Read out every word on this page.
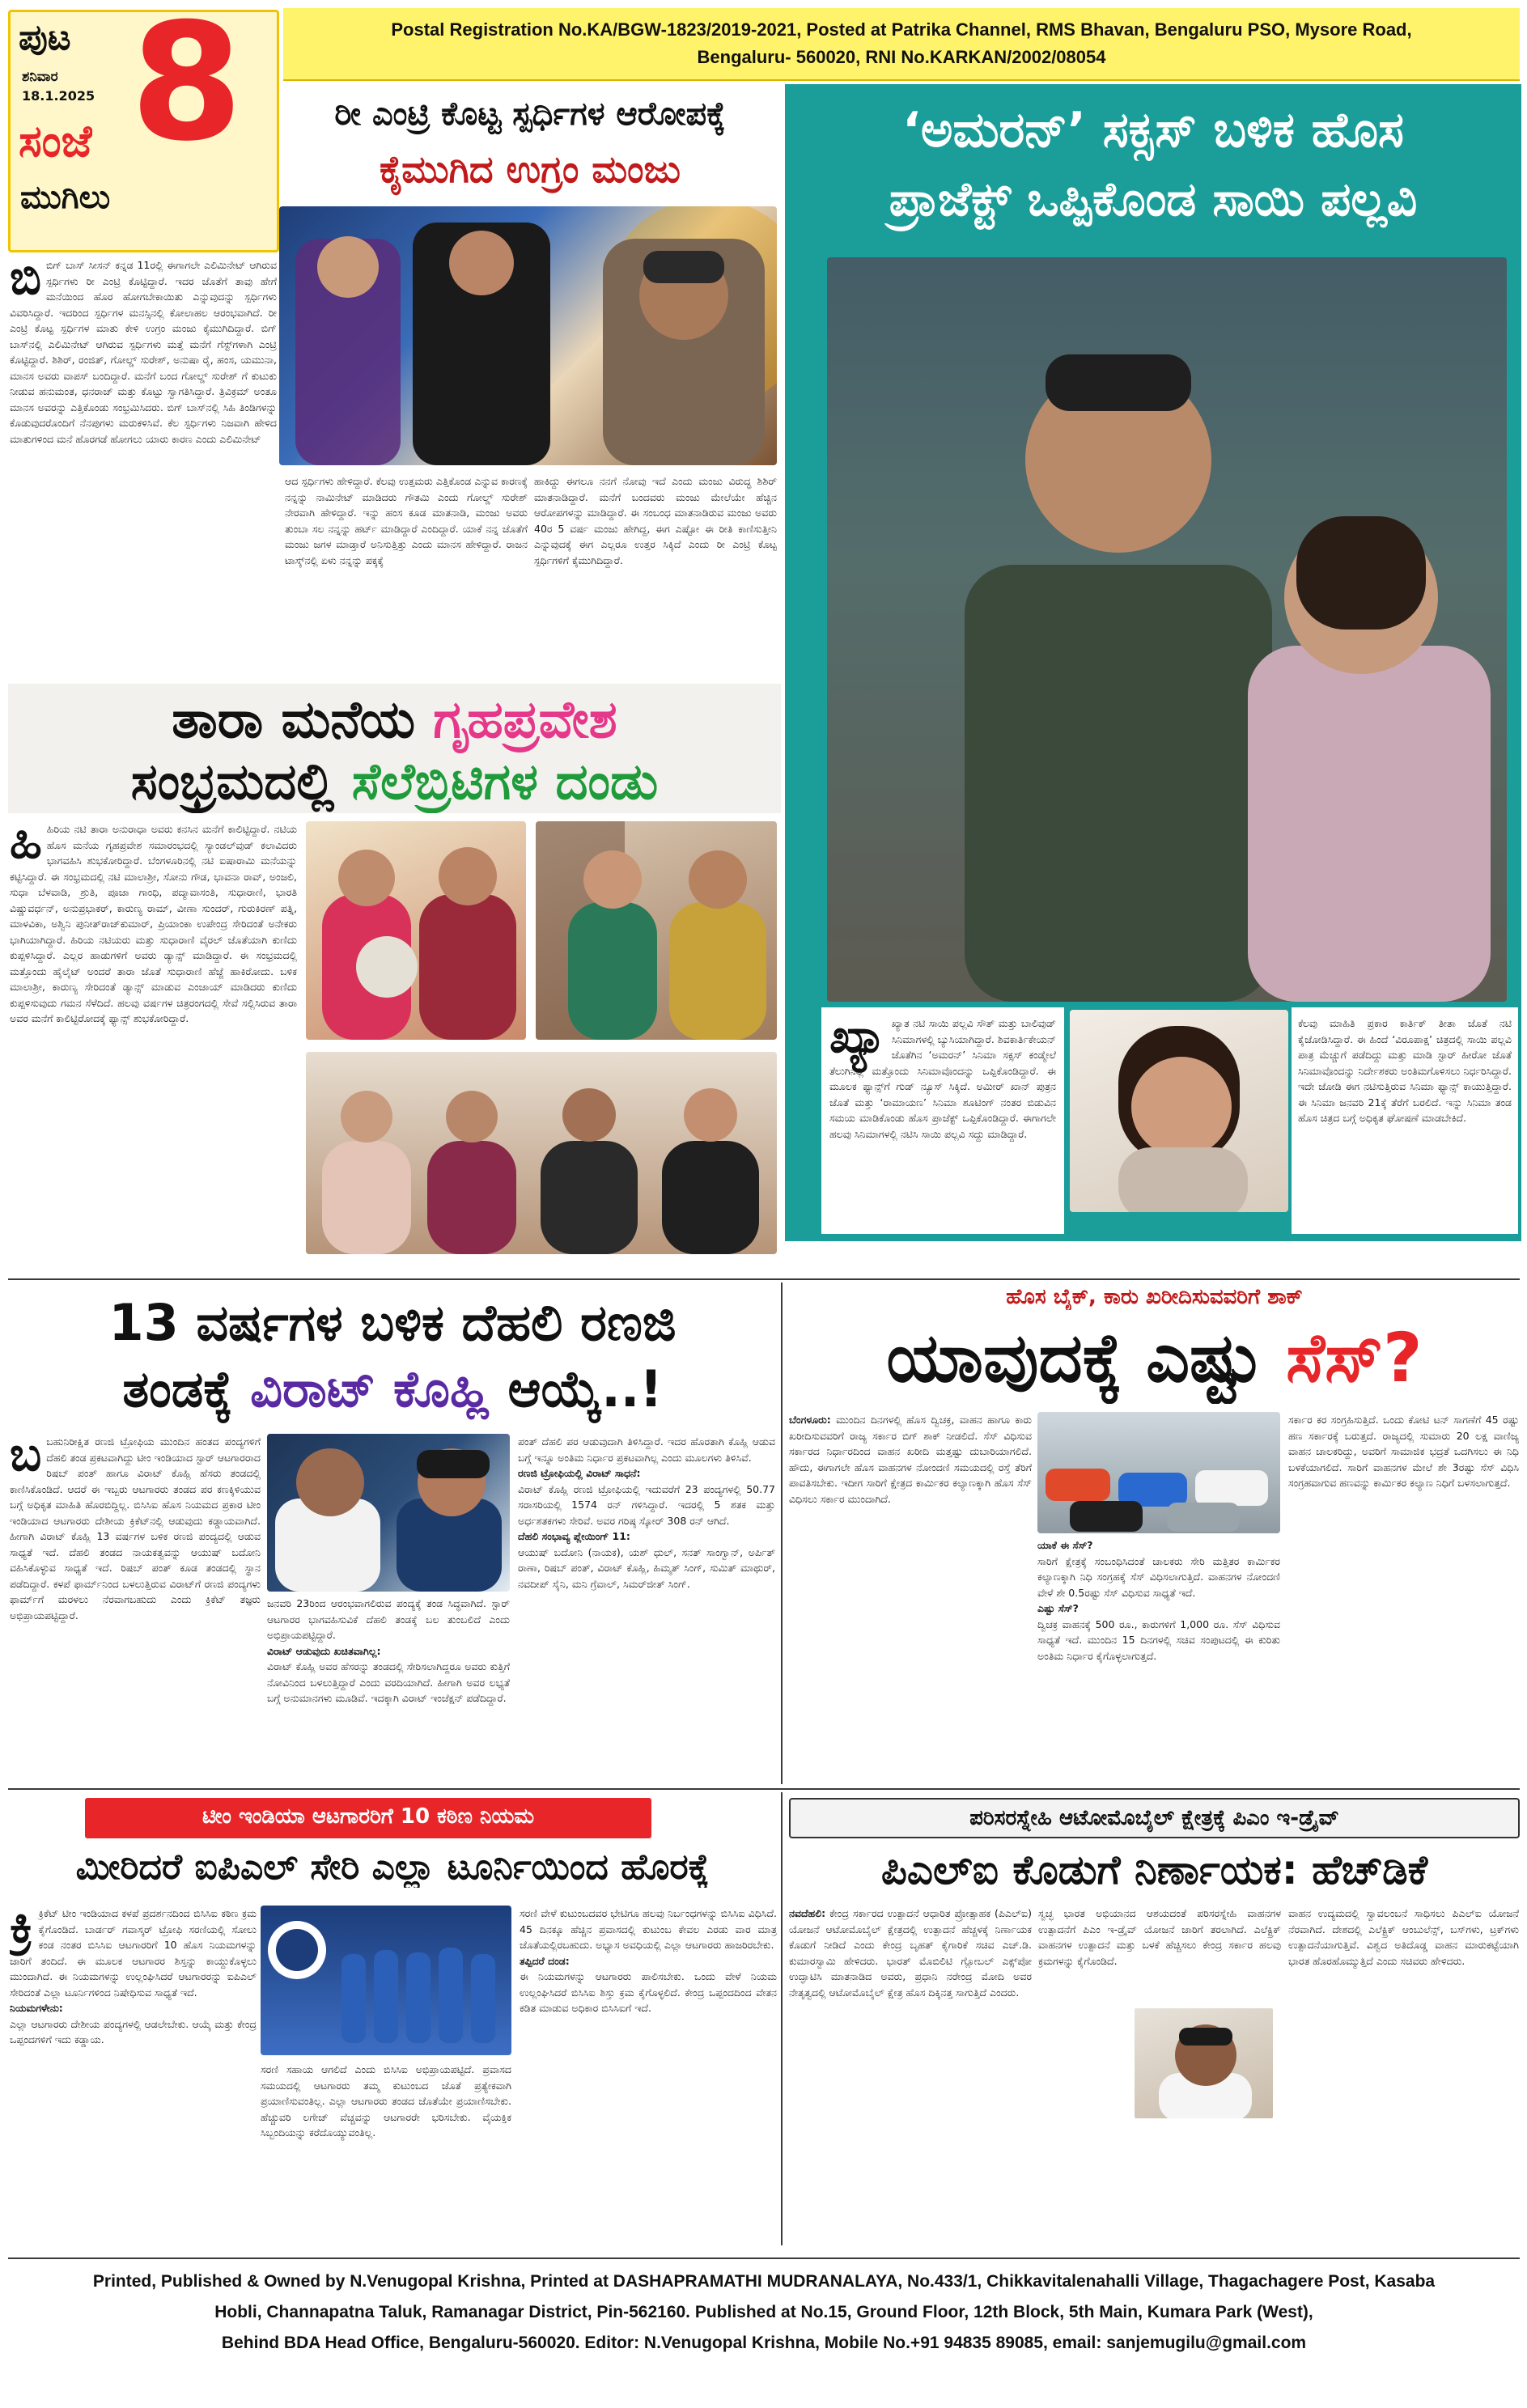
ಪುಟ
ಶನಿವಾರ
18.1.2025 8
ಸಂಜೆ
ಮುಗಿಲು
Postal Registration No.KA/BGW-1823/2019-2021, Posted at Patrika Channel, RMS Bhavan, Bengaluru PSO, Mysore Road,
Bengaluru- 560020, RNI No.KARKAN/2002/08054
ರೀ ಎಂಟ್ರಿ ಕೊಟ್ಟ ಸ್ಪರ್ಧಿಗಳ ಆರೋಪಕ್ಕೆ
ಕೈಮುಗಿದ ಉಗ್ರಂ ಮಂಜು
ಬಿಬಿಗ್ ಬಾಸ್ ಸೀಸನ್ ಕನ್ನಡ 11ರಲ್ಲಿ ಈಗಾಗಲೇ ಎಲಿಮಿನೇಟ್ ಆಗಿರುವ ಸ್ಪರ್ಧಿಗಳು ರೀ ಎಂಟ್ರಿ ಕೊಟ್ಟಿದ್ದಾರೆ. ಇದರ ಜೊತೆಗೆ ತಾವು ಹೇಗೆ ಮನೆಯಿಂದ ಹೊರ ಹೋಗಬೇಕಾಯಿತು ಎನ್ನುವುದನ್ನು ಸ್ಪರ್ಧಿಗಳು ವಿವರಿಸಿದ್ದಾರೆ. ಇದರಿಂದ ಸ್ಪರ್ಧಿಗಳ ಮನಸ್ಸಿನಲ್ಲಿ ಕೋಲಾಹಲ ಆರಂಭವಾಗಿದೆ. ರೀ ಎಂಟ್ರಿ ಕೊಟ್ಟ ಸ್ಪರ್ಧಿಗಳ ಮಾತು ಕೇಳಿ ಉಗ್ರಂ ಮಂಜು ಕೈಮುಗಿದಿದ್ದಾರೆ. ಬಿಗ್ ಬಾಸ್‌ನಲ್ಲಿ ಎಲಿಮಿನೇಟ್ ಆಗಿರುವ ಸ್ಪರ್ಧಿಗಳು ಮತ್ತೆ ಮನೆಗೆ ಗೆಸ್ಟ್‌ಗಳಾಗಿ ಎಂಟ್ರಿ ಕೊಟ್ಟಿದ್ದಾರೆ. ಶಿಶಿರ್, ರಂಜಿತ್, ಗೋಲ್ಡ್ ಸುರೇಶ್, ಅನುಷಾ ರೈ, ಹಂಸ, ಯಮುನಾ, ಮಾನಸ ಅವರು ವಾಪಸ್ ಬಂದಿದ್ದಾರೆ. ಮನೆಗೆ ಬಂದ ಗೋಲ್ಡ್ ಸುರೇಶ್ ಗೆ ಕುಟುಕು ನೀಡುವ ಹನುಮಂತ, ಧನರಾಜ್ ಮತ್ತು ಕೊಟ್ಟು ಸ್ವಾಗತಿಸಿದ್ದಾರೆ. ತ್ರಿವಿಕ್ರಮ್ ಅಂತೂ ಮಾನಸ ಅವರನ್ನು ಎತ್ತಿಕೊಂಡು ಸಂಭ್ರಮಿಸಿದರು. ಬಿಗ್ ಬಾಸ್‌ನಲ್ಲಿ ಸಿಹಿ ತಿಂಡಿಗಳನ್ನು ಕೊಡುವುದರೊಂದಿಗೆ ನೆನಪುಗಳು ಮರುಕಳಿಸಿವೆ. ಕೆಲ ಸ್ಪರ್ಧಿಗಳು ನಿಜವಾಗಿ ಹೇಳಿದ ಮಾತುಗಳಿಂದ ಮನೆ ಹೊರಗಡೆ ಹೋಗಲು ಯಾರು ಕಾರಣ ಎಂದು ಎಲಿಮಿನೇಟ್
ಆದ ಸ್ಪರ್ಧಿಗಳು ಹೇಳಿದ್ದಾರೆ. ಕೆಲವು ಉತ್ತಮರು ಎತ್ತಿಕೊಂಡ ಎನ್ನುವ ಕಾರಣಕ್ಕೆ ನನ್ನನ್ನು ನಾಮಿನೇಟ್ ಮಾಡಿದರು ಗೌತಮಿ ಎಂದು ಗೋಲ್ಡ್ ಸುರೇಶ್ ನೇರವಾಗಿ ಹೇಳಿದ್ದಾರೆ. ಇನ್ನು ಹಂಸ ಕೂಡ ಮಾತನಾಡಿ, ಮಂಜು ಅವರು ತುಂಬಾ ಸಲ ನನ್ನನ್ನು ಹರ್ಟ್ ಮಾಡಿದ್ದಾರೆ ಎಂದಿದ್ದಾರೆ. ಯಾಕೆ ನನ್ನ ಜೊತೆಗೆ ಮಂಜು ಜಗಳ ಮಾಡ್ತಾರೆ ಅನಿಸುತ್ತಿತ್ತು ಎಂದು ಮಾನಸ ಹೇಳಿದ್ದಾರೆ. ರಾಜನ ಟಾಸ್ಕ್‌ನಲ್ಲಿ ಏಳು ನನ್ನನ್ನು ಪಕ್ಕಕ್ಕೆ
ಹಾಕಿದ್ದು ಈಗಲೂ ನನಗೆ ನೋವು ಇದೆ ಎಂದು ಮಂಜು ವಿರುದ್ಧ ಶಿಶಿರ್ ಮಾತನಾಡಿದ್ದಾರೆ. ಮನೆಗೆ ಬಂದವರು ಮಂಜು ಮೇಲೆಯೇ ಹೆಚ್ಚಿನ ಆರೋಪಗಳನ್ನು ಮಾಡಿದ್ದಾರೆ. ಈ ಸಂಬಂಧ ಮಾತನಾಡಿರುವ ಮಂಜು ಅವರು 40ರ 5 ವರ್ಷ ಮಂಜು ಹೇಗಿದ್ದ, ಈಗ ಎಷ್ಟೋ ಈ ರೀತಿ ಕಾಣಿಸುತ್ತೀನಿ ಎನ್ನುವುದಕ್ಕೆ ಈಗ ಎಲ್ಲರೂ ಉತ್ತರ ಸಿಕ್ಕಿದೆ ಎಂದು ರೀ ಎಂಟ್ರಿ ಕೊಟ್ಟ ಸ್ಪರ್ಧಿಗಳಿಗೆ ಕೈಮುಗಿದಿದ್ದಾರೆ.
‘ಅಮರನ್’ ಸಕ್ಸಸ್ ಬಳಿಕ ಹೊಸ
ಪ್ರಾಜೆಕ್ಟ್ ಒಪ್ಪಿಕೊಂಡ ಸಾಯಿ ಪಲ್ಲವಿ
ಖ್ಯಾ ಖ್ಯಾತ ನಟಿ ಸಾಯಿ ಪಲ್ಲವಿ ಸೌತ್ ಮತ್ತು ಬಾಲಿವುಡ್ ಸಿನಿಮಾಗಳಲ್ಲಿ ಬ್ಯುಸಿಯಾಗಿದ್ದಾರೆ. ಶಿವಕಾರ್ತಿಕೇಯನ್ ಜೊತೆಗಿನ ‘ಅಮರನ್’ ಸಿನಿಮಾ ಸಕ್ಸಸ್ ಕಂಡ್ಮೇಲೆ ತೆಲುಗಿನಲ್ಲಿ ಮತ್ತೊಂದು ಸಿನಿಮಾವೊಂದನ್ನು ಒಪ್ಪಿಕೊಂಡಿದ್ದಾರೆ. ಈ ಮೂಲಕ ಫ್ಯಾನ್ಸ್‌ಗೆ ಗುಡ್ ನ್ಯೂಸ್ ಸಿಕ್ಕಿದೆ. ಅಮೀರ್ ಖಾನ್ ಪುತ್ರನ ಜೊತೆ ಮತ್ತು ‘ರಾಮಾಯಣ’ ಸಿನಿಮಾ ಶೂಟಿಂಗ್ ನಂತರ ಬಿಡುವಿನ ಸಮಯ ಮಾಡಿಕೊಂಡು ಹೊಸ ಪ್ರಾಜೆಕ್ಟ್ ಒಪ್ಪಿಕೊಂಡಿದ್ದಾರೆ. ಈಗಾಗಲೇ ಹಲವು ಸಿನಿಮಾಗಳಲ್ಲಿ ನಟಿಸಿ ಸಾಯಿ ಪಲ್ಲವಿ ಸದ್ದು ಮಾಡಿದ್ದಾರೆ.
ಕೆಲವು ಮಾಹಿತಿ ಪ್ರಕಾರ ಕಾರ್ತಿಕ್ ತೀತಾ ಜೊತೆ ನಟಿ ಕೈಜೋಡಿಸಿದ್ದಾರೆ. ಈ ಹಿಂದೆ ‘ವಿರೂಪಾಕ್ಷ’ ಚಿತ್ರದಲ್ಲಿ ಸಾಯಿ ಪಲ್ಲವಿ ಪಾತ್ರ ಮೆಚ್ಚುಗೆ ಪಡೆದಿದ್ದು ಮತ್ತು ಮಾಡಿ ಸ್ಟಾರ್ ಹೀರೋ ಜೊತೆ ಸಿನಿಮಾವೊಂದನ್ನು ನಿರ್ದೇಶಕರು ಅಂತಿಮಗೊಳಿಸಲು ನಿರ್ಧರಿಸಿದ್ದಾರೆ. ಇದೇ ಜೋಡಿ ಈಗ ನಟಿಸುತ್ತಿರುವ ಸಿನಿಮಾ ಫ್ಯಾನ್ಸ್ ಕಾಯುತ್ತಿದ್ದಾರೆ. ಈ ಸಿನಿಮಾ ಜನವರಿ 21ಕ್ಕೆ ತೆರೆಗೆ ಬರಲಿದೆ. ಇನ್ನು ಸಿನಿಮಾ ತಂಡ ಹೊಸ ಚಿತ್ರದ ಬಗ್ಗೆ ಅಧಿಕೃತ ಘೋಷಣೆ ಮಾಡಬೇಕಿದೆ.
ತಾರಾ ಮನೆಯ ಗೃಹಪ್ರವೇಶ
ಸಂಭ್ರಮದಲ್ಲಿ ಸೆಲೆಬ್ರಿಟಿಗಳ ದಂಡು
ಹಿಹಿರಿಯ ನಟಿ ತಾರಾ ಅನುರಾಧಾ ಅವರು ಕನಸಿನ ಮನೆಗೆ ಕಾಲಿಟ್ಟಿದ್ದಾರೆ. ನಟಿಯ ಹೊಸ ಮನೆಯ ಗೃಹಪ್ರವೇಶ ಸಮಾರಂಭದಲ್ಲಿ ಸ್ಯಾಂಡಲ್‌ವುಡ್ ಕಲಾವಿದರು ಭಾಗವಹಿಸಿ ಶುಭಕೋರಿದ್ದಾರೆ. ಬೆಂಗಳೂರಿನಲ್ಲಿ ನಟಿ ಐಷಾರಾಮಿ ಮನೆಯನ್ನು ಕಟ್ಟಿಸಿದ್ದಾರೆ. ಈ ಸಂಭ್ರಮದಲ್ಲಿ ನಟಿ ಮಾಲಾಶ್ರೀ, ಸೋನು ಗೌಡ, ಭಾವನಾ ರಾವ್, ಅಂಜಲಿ, ಸುಧಾ ಬೆಳವಾಡಿ, ಶ್ರುತಿ, ಪೂಜಾ ಗಾಂಧಿ, ಪದ್ಮಾವಾಸಂತಿ, ಸುಧಾರಾಣಿ, ಭಾರತಿ ವಿಷ್ಣುವರ್ಧನ್, ಅನುಪ್ರಭಾಕರ್, ಕಾರುಣ್ಯ ರಾಮ್, ವೀಣಾ ಸುಂದರ್, ಗುರುಕಿರಣ್ ಪತ್ನಿ, ಮಾಳವಿಕಾ, ಅಶ್ವಿನಿ ಪುನೀತ್‌ರಾಜ್‌ಕುಮಾರ್, ಪ್ರಿಯಾಂಕಾ ಉಪೇಂದ್ರ ಸೇರಿದಂತೆ ಅನೇಕರು ಭಾಗಿಯಾಗಿದ್ದಾರೆ. ಹಿರಿಯ ನಟಿಯರು ಮತ್ತು ಸುಧಾರಾಣಿ ವೈರಲ್ ಜೊತೆಯಾಗಿ ಕುಣಿದು ಕುಪ್ಪಳಿಸಿದ್ದಾರೆ. ಎಲ್ಲರ ಹಾಡುಗಳಿಗೆ ಅವರು ಡ್ಯಾನ್ಸ್ ಮಾಡಿದ್ದಾರೆ. ಈ ಸಂಭ್ರಮದಲ್ಲಿ ಮತ್ತೊಂದು ಹೈಲೈಟ್ ಅಂದರೆ ತಾರಾ ಜೊತೆ ಸುಧಾರಾಣಿ ಹೆಜ್ಜೆ ಹಾಕಿರೋದು. ಬಳಿಕ ಮಾಲಾಶ್ರೀ, ಕಾರುಣ್ಯ ಸೇರಿದಂತೆ ಡ್ಯಾನ್ಸ್ ಮಾಡುವ ಎಂಜಾಯ್ ಮಾಡಿದರು ಕುಣಿದು ಕುಪ್ಪಳಿಸುವುದು ಗಮನ ಸೆಳೆದಿದೆ. ಹಲವು ವರ್ಷಗಳ ಚಿತ್ರರಂಗದಲ್ಲಿ ಸೇವೆ ಸಲ್ಲಿಸಿರುವ ತಾರಾ ಅವರ ಮನೆಗೆ ಕಾಲಿಟ್ಟಿರೋದಕ್ಕೆ ಫ್ಯಾನ್ಸ್ ಶುಭಕೋರಿದ್ದಾರೆ.
13 ವರ್ಷಗಳ ಬಳಿಕ ದೆಹಲಿ ರಣಜಿ
ತಂಡಕ್ಕೆ ವಿರಾಟ್ ಕೊಹ್ಲಿ ಆಯ್ಕೆ..!
ಬಬಹುನಿರೀಕ್ಷಿತ ರಣಜಿ ಟ್ರೋಫಿಯ ಮುಂದಿನ ಹಂತದ ಪಂದ್ಯಗಳಿಗೆ ದೆಹಲಿ ತಂಡ ಪ್ರಕಟವಾಗಿದ್ದು ಟೀಂ ಇಂಡಿಯಾದ ಸ್ಟಾರ್ ಆಟಗಾರರಾದ ರಿಷಬ್ ಪಂತ್ ಹಾಗೂ ವಿರಾಟ್ ಕೊಹ್ಲಿ ಹೆಸರು ತಂಡದಲ್ಲಿ ಕಾಣಿಸಿಕೊಂಡಿದೆ. ಆದರೆ ಈ ಇಬ್ಬರು ಆಟಗಾರರು ತಂಡದ ಪರ ಕಣಕ್ಕಿಳಿಯುವ ಬಗ್ಗೆ ಅಧಿಕೃತ ಮಾಹಿತಿ ಹೊರಬಿದ್ದಿಲ್ಲ. ಬಿಸಿಸಿಐ ಹೊಸ ನಿಯಮದ ಪ್ರಕಾರ ಟೀಂ ಇಂಡಿಯಾದ ಆಟಗಾರರು ದೇಶೀಯ ಕ್ರಿಕೆಟ್‌ನಲ್ಲಿ ಆಡುವುದು ಕಡ್ಡಾಯವಾಗಿದೆ. ಹೀಗಾಗಿ ವಿರಾಟ್ ಕೊಹ್ಲಿ 13 ವರ್ಷಗಳ ಬಳಿಕ ರಣಜಿ ಪಂದ್ಯದಲ್ಲಿ ಆಡುವ ಸಾಧ್ಯತೆ ಇದೆ. ದೆಹಲಿ ತಂಡದ ನಾಯಕತ್ವವನ್ನು ಆಯುಷ್ ಬದೋನಿ ವಹಿಸಿಕೊಳ್ಳುವ ಸಾಧ್ಯತೆ ಇದೆ. ರಿಷಬ್ ಪಂತ್ ಕೂಡ ತಂಡದಲ್ಲಿ ಸ್ಥಾನ ಪಡೆದಿದ್ದಾರೆ. ಕಳಪೆ ಫಾರ್ಮ್‌ನಿಂದ ಬಳಲುತ್ತಿರುವ ವಿರಾಟ್‌ಗೆ ರಣಜಿ ಪಂದ್ಯಗಳು ಫಾರ್ಮ್‌ಗೆ ಮರಳಲು ನೆರವಾಗಬಹುದು ಎಂದು ಕ್ರಿಕೆಟ್ ತಜ್ಞರು ಅಭಿಪ್ರಾಯಪಟ್ಟಿದ್ದಾರೆ.
ಜನವರಿ 23ರಿಂದ ಆರಂಭವಾಗಲಿರುವ ಪಂದ್ಯಕ್ಕೆ ತಂಡ ಸಿದ್ಧವಾಗಿದೆ. ಸ್ಟಾರ್ ಆಟಗಾರರ ಭಾಗವಹಿಸುವಿಕೆ ದೆಹಲಿ ತಂಡಕ್ಕೆ ಬಲ ತುಂಬಲಿದೆ ಎಂದು ಅಭಿಪ್ರಾಯಪಟ್ಟಿದ್ದಾರೆ.
ವಿರಾಟ್ ಆಡುವುದು ಖಚಿತವಾಗಿಲ್ಲ:
ವಿರಾಟ್ ಕೊಹ್ಲಿ ಅವರ ಹೆಸರನ್ನು ತಂಡದಲ್ಲಿ ಸೇರಿಸಲಾಗಿದ್ದರೂ ಅವರು ಕುತ್ತಿಗೆ ನೋವಿನಿಂದ ಬಳಲುತ್ತಿದ್ದಾರೆ ಎಂದು ವರದಿಯಾಗಿದೆ. ಹೀಗಾಗಿ ಅವರ ಲಭ್ಯತೆ ಬಗ್ಗೆ ಅನುಮಾನಗಳು ಮೂಡಿವೆ. ಇದಕ್ಕಾಗಿ ವಿರಾಟ್ ಇಂಜೆಕ್ಷನ್ ಪಡೆದಿದ್ದಾರೆ.
ಪಂತ್ ದೆಹಲಿ ಪರ ಆಡುವುದಾಗಿ ತಿಳಿಸಿದ್ದಾರೆ. ಇದರ ಹೊರತಾಗಿ ಕೊಹ್ಲಿ ಆಡುವ ಬಗ್ಗೆ ಇನ್ನೂ ಅಂತಿಮ ನಿರ್ಧಾರ ಪ್ರಕಟವಾಗಿಲ್ಲ ಎಂದು ಮೂಲಗಳು ತಿಳಿಸಿವೆ.
ರಣಜಿ ಟ್ರೋಫಿಯಲ್ಲಿ ವಿರಾಟ್ ಸಾಧನೆ:
ವಿರಾಟ್ ಕೊಹ್ಲಿ ರಣಜಿ ಟ್ರೋಫಿಯಲ್ಲಿ ಇದುವರೆಗೆ 23 ಪಂದ್ಯಗಳಲ್ಲಿ 50.77 ಸರಾಸರಿಯಲ್ಲಿ 1574 ರನ್ ಗಳಿಸಿದ್ದಾರೆ. ಇದರಲ್ಲಿ 5 ಶತಕ ಮತ್ತು ಅರ್ಧಶತಕಗಳು ಸೇರಿವೆ. ಅವರ ಗರಿಷ್ಠ ಸ್ಕೋರ್ 308 ರನ್ ಆಗಿದೆ.
ದೆಹಲಿ ಸಂಭಾವ್ಯ ಪ್ಲೇಯಿಂಗ್ 11:
ಆಯುಷ್ ಬದೋನಿ (ನಾಯಕ), ಯಶ್ ಧುಲ್, ಸನತ್ ಸಾಂಗ್ವಾನ್, ಅರ್ಪಿತ್ ರಾಣಾ, ರಿಷಬ್ ಪಂತ್, ವಿರಾಟ್ ಕೊಹ್ಲಿ, ಹಿಮ್ಮತ್ ಸಿಂಗ್, ಸುಮಿತ್ ಮಾಥುರ್, ನವದೀಪ್ ಸೈನಿ, ಮನಿ ಗ್ರೆವಾಲ್, ಸಿಮರ್‌ಜೀತ್ ಸಿಂಗ್.
ಹೊಸ ಬೈಕ್, ಕಾರು ಖರೀದಿಸುವವರಿಗೆ ಶಾಕ್
ಯಾವುದಕ್ಕೆ ಎಷ್ಟು ಸೆಸ್?
ಬೆಂಗಳೂರು: ಮುಂದಿನ ದಿನಗಳಲ್ಲಿ ಹೊಸ ದ್ವಿಚಕ್ರ, ವಾಹನ ಹಾಗೂ ಕಾರು ಖರೀದಿಸುವವರಿಗೆ ರಾಜ್ಯ ಸರ್ಕಾರ ಬಿಗ್ ಶಾಕ್ ನೀಡಲಿದೆ. ಸೆಸ್ ವಿಧಿಸುವ ಸರ್ಕಾರದ ನಿರ್ಧಾರದಿಂದ ವಾಹನ ಖರೀದಿ ಮತ್ತಷ್ಟು ದುಬಾರಿಯಾಗಲಿದೆ. ಹೌದು, ಈಗಾಗಲೇ ಹೊಸ ವಾಹನಗಳ ನೋಂದಣಿ ಸಮಯದಲ್ಲಿ ರಸ್ತೆ ತೆರಿಗೆ ಪಾವತಿಸಬೇಕು. ಇದೀಗ ಸಾರಿಗೆ ಕ್ಷೇತ್ರದ ಕಾರ್ಮಿಕರ ಕಲ್ಯಾಣಕ್ಕಾಗಿ ಹೊಸ ಸೆಸ್ ವಿಧಿಸಲು ಸರ್ಕಾರ ಮುಂದಾಗಿದೆ.
ಯಾಕೆ ಈ ಸೆಸ್?
ಸಾರಿಗೆ ಕ್ಷೇತ್ರಕ್ಕೆ ಸಂಬಂಧಿಸಿದಂತೆ ಚಾಲಕರು ಸೇರಿ ಮತ್ತಿತರ ಕಾರ್ಮಿಕರ ಕಲ್ಯಾಣಕ್ಕಾಗಿ ನಿಧಿ ಸಂಗ್ರಹಕ್ಕೆ ಸೆಸ್ ವಿಧಿಸಲಾಗುತ್ತಿದೆ. ವಾಹನಗಳ ನೋಂದಣಿ ವೇಳೆ ಶೇ 0.5ರಷ್ಟು ಸೆಸ್ ವಿಧಿಸುವ ಸಾಧ್ಯತೆ ಇದೆ.
ಎಷ್ಟು ಸೆಸ್?
ದ್ವಿಚಕ್ರ ವಾಹನಕ್ಕೆ 500 ರೂ., ಕಾರುಗಳಿಗೆ 1,000 ರೂ. ಸೆಸ್ ವಿಧಿಸುವ ಸಾಧ್ಯತೆ ಇದೆ. ಮುಂದಿನ 15 ದಿನಗಳಲ್ಲಿ ಸಚಿವ ಸಂಪುಟದಲ್ಲಿ ಈ ಕುರಿತು ಅಂತಿಮ ನಿರ್ಧಾರ ಕೈಗೊಳ್ಳಲಾಗುತ್ತದೆ.
ಸರ್ಕಾರ ಕರ ಸಂಗ್ರಹಿಸುತ್ತಿದೆ. ಒಂದು ಕೋಟಿ ಟನ್ ಸಾಗಣೆಗೆ 45 ರಷ್ಟು ಹಣ ಸರ್ಕಾರಕ್ಕೆ ಬರುತ್ತದೆ. ರಾಜ್ಯದಲ್ಲಿ ಸುಮಾರು 20 ಲಕ್ಷ ವಾಣಿಜ್ಯ ವಾಹನ ಚಾಲಕರಿದ್ದು, ಅವರಿಗೆ ಸಾಮಾಜಿಕ ಭದ್ರತೆ ಒದಗಿಸಲು ಈ ನಿಧಿ ಬಳಕೆಯಾಗಲಿದೆ. ಸಾರಿಗೆ ವಾಹನಗಳ ಮೇಲೆ ಶೇ 3ರಷ್ಟು ಸೆಸ್ ವಿಧಿಸಿ ಸಂಗ್ರಹವಾಗುವ ಹಣವನ್ನು ಕಾರ್ಮಿಕರ ಕಲ್ಯಾಣ ನಿಧಿಗೆ ಬಳಸಲಾಗುತ್ತದೆ.
ಟೀಂ ಇಂಡಿಯಾ ಆಟಗಾರರಿಗೆ 10 ಕಠಿಣ ನಿಯಮ
ಮೀರಿದರೆ ಐಪಿಎಲ್ ಸೇರಿ ಎಲ್ಲಾ ಟೂರ್ನಿಯಿಂದ ಹೊರಕ್ಕೆ
ಕ್ರಿ ಕ್ರಿಕೆಟ್ ಟೀಂ ಇಂಡಿಯಾದ ಕಳಪೆ ಪ್ರದರ್ಶನದಿಂದ ಬಿಸಿಸಿಐ ಕಠಿಣ ಕ್ರಮ ಕೈಗೊಂಡಿದೆ. ಬಾರ್ಡರ್ ಗವಾಸ್ಕರ್ ಟ್ರೋಫಿ ಸರಣಿಯಲ್ಲಿ ಸೋಲು ಕಂಡ ನಂತರ ಬಿಸಿಸಿಐ ಆಟಗಾರರಿಗೆ 10 ಹೊಸ ನಿಯಮಗಳನ್ನು ಜಾರಿಗೆ ತಂದಿದೆ. ಈ ಮೂಲಕ ಆಟಗಾರರ ಶಿಸ್ತನ್ನು ಕಾಯ್ದುಕೊಳ್ಳಲು ಮುಂದಾಗಿದೆ. ಈ ನಿಯಮಗಳನ್ನು ಉಲ್ಲಂಘಿಸಿದರೆ ಆಟಗಾರರನ್ನು ಐಪಿಎಲ್ ಸೇರಿದಂತೆ ಎಲ್ಲಾ ಟೂರ್ನಿಗಳಿಂದ ನಿಷೇಧಿಸುವ ಸಾಧ್ಯತೆ ಇದೆ.
ನಿಯಮಗಳೇನು:
ಎಲ್ಲಾ ಆಟಗಾರರು ದೇಶೀಯ ಪಂದ್ಯಗಳಲ್ಲಿ ಆಡಲೇಬೇಕು. ಆಯ್ಕೆ ಮತ್ತು ಕೇಂದ್ರ ಒಪ್ಪಂದಗಳಿಗೆ ಇದು ಕಡ್ಡಾಯ.
ಸರಣಿ ಸಹಾಯ ಆಗಲಿದೆ ಎಂದು ಬಿಸಿಸಿಐ ಅಭಿಪ್ರಾಯಪಟ್ಟಿದೆ. ಪ್ರವಾಸದ ಸಮಯದಲ್ಲಿ ಆಟಗಾರರು ತಮ್ಮ ಕುಟುಂಬದ ಜೊತೆ ಪ್ರತ್ಯೇಕವಾಗಿ ಪ್ರಯಾಣಿಸುವಂತಿಲ್ಲ. ಎಲ್ಲಾ ಆಟಗಾರರು ತಂಡದ ಜೊತೆಯೇ ಪ್ರಯಾಣಿಸಬೇಕು. ಹೆಚ್ಚುವರಿ ಲಗೇಜ್ ವೆಚ್ಚವನ್ನು ಆಟಗಾರರೇ ಭರಿಸಬೇಕು. ವೈಯಕ್ತಿಕ ಸಿಬ್ಬಂದಿಯನ್ನು ಕರೆದೊಯ್ಯುವಂತಿಲ್ಲ.
ಸರಣಿ ವೇಳೆ ಕುಟುಂಬದವರ ಭೇಟಿಗೂ ಹಲವು ನಿರ್ಬಂಧಗಳನ್ನು ಬಿಸಿಸಿಐ ವಿಧಿಸಿದೆ. 45 ದಿನಕ್ಕೂ ಹೆಚ್ಚಿನ ಪ್ರವಾಸದಲ್ಲಿ ಕುಟುಂಬ ಕೇವಲ ಎರಡು ವಾರ ಮಾತ್ರ ಜೊತೆಯಲ್ಲಿರಬಹುದು. ಅಭ್ಯಾಸ ಅವಧಿಯಲ್ಲಿ ಎಲ್ಲಾ ಆಟಗಾರರು ಹಾಜರಿರಬೇಕು.
ತಪ್ಪಿದರೆ ದಂಡ:
ಈ ನಿಯಮಗಳನ್ನು ಆಟಗಾರರು ಪಾಲಿಸಬೇಕು. ಒಂದು ವೇಳೆ ನಿಯಮ ಉಲ್ಲಂಘಿಸಿದರೆ ಬಿಸಿಸಿಐ ಶಿಸ್ತು ಕ್ರಮ ಕೈಗೊಳ್ಳಲಿದೆ. ಕೇಂದ್ರ ಒಪ್ಪಂದದಿಂದ ವೇತನ ಕಡಿತ ಮಾಡುವ ಅಧಿಕಾರ ಬಿಸಿಸಿಐಗೆ ಇದೆ.
ಪರಿಸರಸ್ನೇಹಿ ಆಟೋಮೊಬೈಲ್ ಕ್ಷೇತ್ರಕ್ಕೆ ಪಿಎಂ ಇ-ಡ್ರೈವ್
ಪಿಎಲ್‌ಐ ಕೊಡುಗೆ ನಿರ್ಣಾಯಕ: ಹೆಚ್‌ಡಿಕೆ
ನವದೆಹಲಿ: ಕೇಂದ್ರ ಸರ್ಕಾರದ ಉತ್ಪಾದನೆ ಆಧಾರಿತ ಪ್ರೋತ್ಸಾಹಕ (ಪಿಎಲ್‌ಐ) ಯೋಜನೆ ಆಟೋಮೊಬೈಲ್ ಕ್ಷೇತ್ರದಲ್ಲಿ ಉತ್ಪಾದನೆ ಹೆಚ್ಚಳಕ್ಕೆ ನಿರ್ಣಾಯಕ ಕೊಡುಗೆ ನೀಡಿದೆ ಎಂದು ಕೇಂದ್ರ ಬೃಹತ್ ಕೈಗಾರಿಕೆ ಸಚಿವ ಎಚ್.ಡಿ. ಕುಮಾರಸ್ವಾಮಿ ಹೇಳಿದರು. ಭಾರತ್ ಮೊಬಿಲಿಟಿ ಗ್ಲೋಬಲ್ ಎಕ್ಸ್‌ಪೋ ಉದ್ಘಾಟಿಸಿ ಮಾತನಾಡಿದ ಅವರು, ಪ್ರಧಾನಿ ನರೇಂದ್ರ ಮೋದಿ ಅವರ ನೇತೃತ್ವದಲ್ಲಿ ಆಟೋಮೊಬೈಲ್ ಕ್ಷೇತ್ರ ಹೊಸ ದಿಕ್ಕಿನತ್ತ ಸಾಗುತ್ತಿದೆ ಎಂದರು.
ಸ್ವಚ್ಛ ಭಾರತ ಅಭಿಯಾನದ ಆಶಯದಂತೆ ಪರಿಸರಸ್ನೇಹಿ ವಾಹನಗಳ ಉತ್ಪಾದನೆಗೆ ಪಿಎಂ ಇ-ಡ್ರೈವ್ ಯೋಜನೆ ಜಾರಿಗೆ ತರಲಾಗಿದೆ. ಎಲೆಕ್ಟ್ರಿಕ್ ವಾಹನಗಳ ಉತ್ಪಾದನೆ ಮತ್ತು ಬಳಕೆ ಹೆಚ್ಚಿಸಲು ಕೇಂದ್ರ ಸರ್ಕಾರ ಹಲವು ಕ್ರಮಗಳನ್ನು ಕೈಗೊಂಡಿದೆ.
ವಾಹನ ಉದ್ಯಮದಲ್ಲಿ ಸ್ವಾವಲಂಬನೆ ಸಾಧಿಸಲು ಪಿಎಲ್‌ಐ ಯೋಜನೆ ನೆರವಾಗಿದೆ. ದೇಶದಲ್ಲಿ ಎಲೆಕ್ಟ್ರಿಕ್ ಆಂಬುಲೆನ್ಸ್, ಬಸ್‌ಗಳು, ಟ್ರಕ್‌ಗಳು ಉತ್ಪಾದನೆಯಾಗುತ್ತಿವೆ. ವಿಶ್ವದ ಅತಿದೊಡ್ಡ ವಾಹನ ಮಾರುಕಟ್ಟೆಯಾಗಿ ಭಾರತ ಹೊರಹೊಮ್ಮುತ್ತಿದೆ ಎಂದು ಸಚಿವರು ಹೇಳಿದರು.
Printed, Published & Owned by N.Venugopal Krishna, Printed at DASHAPRAMATHI MUDRANALAYA, No.433/1, Chikkavitalenahalli Village, Thagachagere Post, Kasaba
Hobli, Channapatna Taluk, Ramanagar District, Pin-562160. Published at No.15, Ground Floor, 12th Block, 5th Main, Kumara Park (West),
Behind BDA Head Office, Bengaluru-560020. Editor: N.Venugopal Krishna, Mobile No.+91 94835 89085, email: sanjemugilu@gmail.com
